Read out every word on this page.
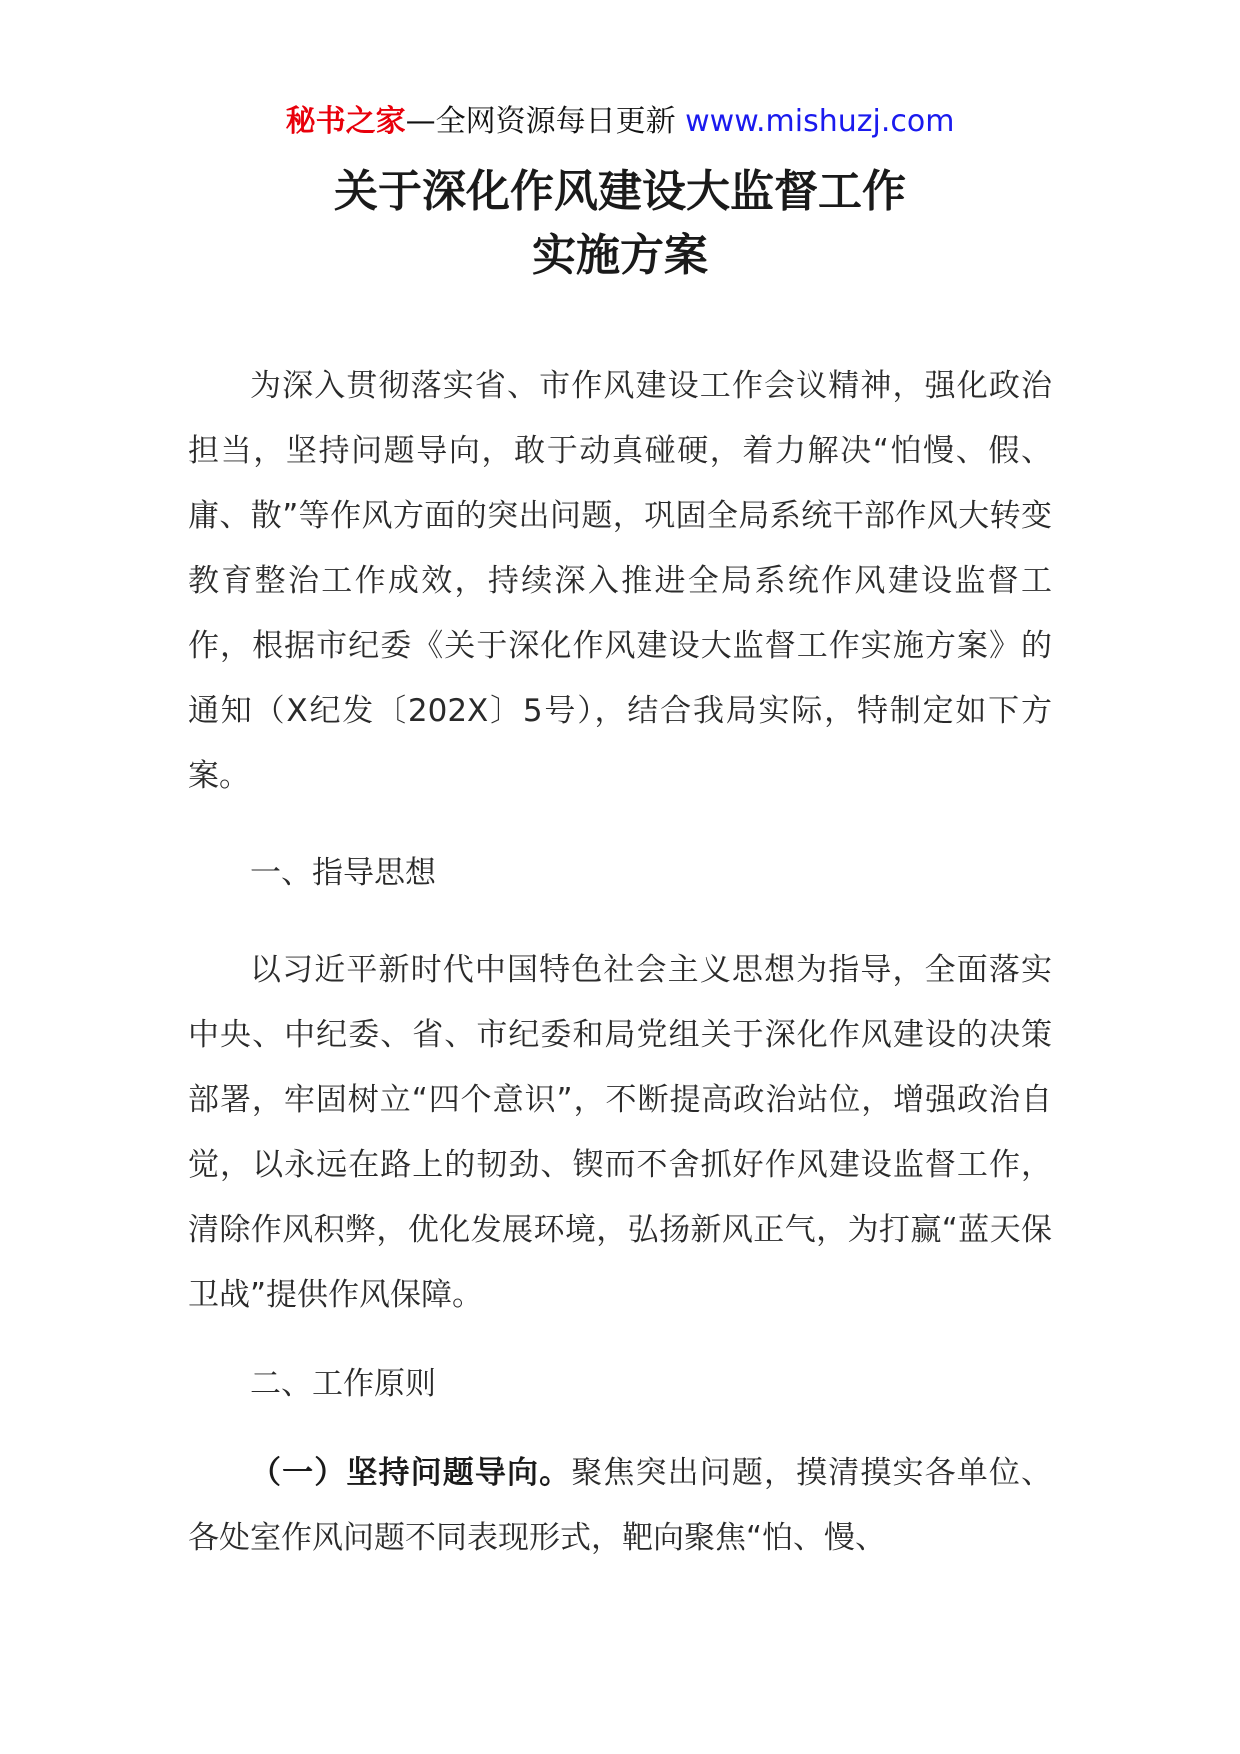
秘书之家—全网资源每日更新 www.mishuzj.com
关于深化作风建设大监督工作
实施方案

为深入贯彻落实省、市作风建设工作会议精神，强化政治担当，坚持问题导向，敢于动真碰硬，着力解决“怕慢、假、庸、散”等作风方面的突出问题，巩固全局系统干部作风大转变教育整治工作成效，持续深入推进全局系统作风建设监督工作，根据市纪委《关于深化作风建设大监督工作实施方案》的通知（X纪发〔202X〕5号），结合我局实际，特制定如下方案。

一、指导思想

以习近平新时代中国特色社会主义思想为指导，全面落实中央、中纪委、省、市纪委和局党组关于深化作风建设的决策部署，牢固树立“四个意识”，不断提高政治站位，增强政治自觉，以永远在路上的韧劲、锲而不舍抓好作风建设监督工作，清除作风积弊，优化发展环境，弘扬新风正气，为打赢“蓝天保卫战”提供作风保障。

二、工作原则

（一）坚持问题导向。聚焦突出问题，摸清摸实各单位、各处室作风问题不同表现形式，靶向聚焦“怕、慢、
